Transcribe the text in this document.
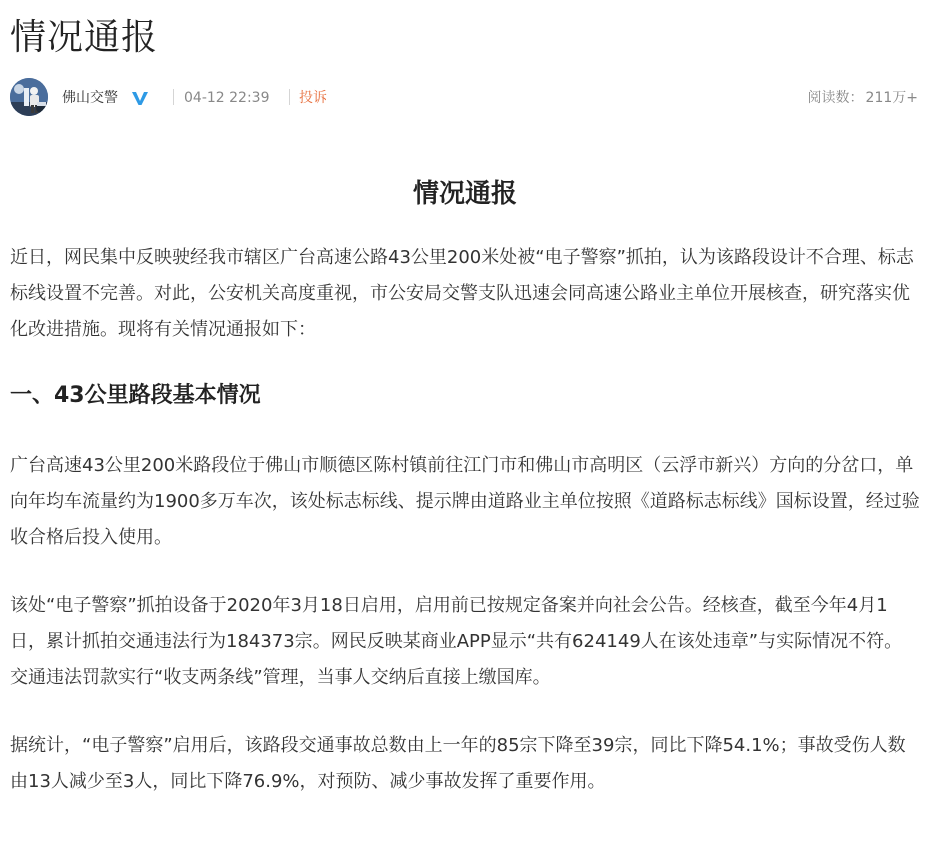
情况通报
佛山交警	04-12 22:39 投诉	阅读数： 211万+
情况通报

近日，网民集中反映驶经我市辖区广台高速公路43公里200米处被“电子警察”抓拍，认为该路段设计不合理、标志标线设置不完善。对此，公安机关高度重视，市公安局交警支队迅速会同高速公路业主单位开展核查，研究落实优化改进措施。现将有关情况通报如下：

一、43公里路段基本情况

广台高速43公里200米路段位于佛山市顺德区陈村镇前往江门市和佛山市高明区（云浮市新兴）方向的分岔口，单向年均车流量约为1900多万车次，该处标志标线、提示牌由道路业主单位按照《道路标志标线》国标设置，经过验收合格后投入使用。

该处“电子警察”抓拍设备于2020年3月18日启用，启用前已按规定备案并向社会公告。经核查，截至今年4月1日，累计抓拍交通违法行为184373宗。网民反映某商业APP显示“共有624149人在该处违章”与实际情况不符。交通违法罚款实行“收支两条线”管理，当事人交纳后直接上缴国库。

据统计，“电子警察”启用后，该路段交通事故总数由上一年的85宗下降至39宗，同比下降54.1%；事故受伤人数由13人减少至3人，同比下降76.9%，对预防、减少事故发挥了重要作用。
